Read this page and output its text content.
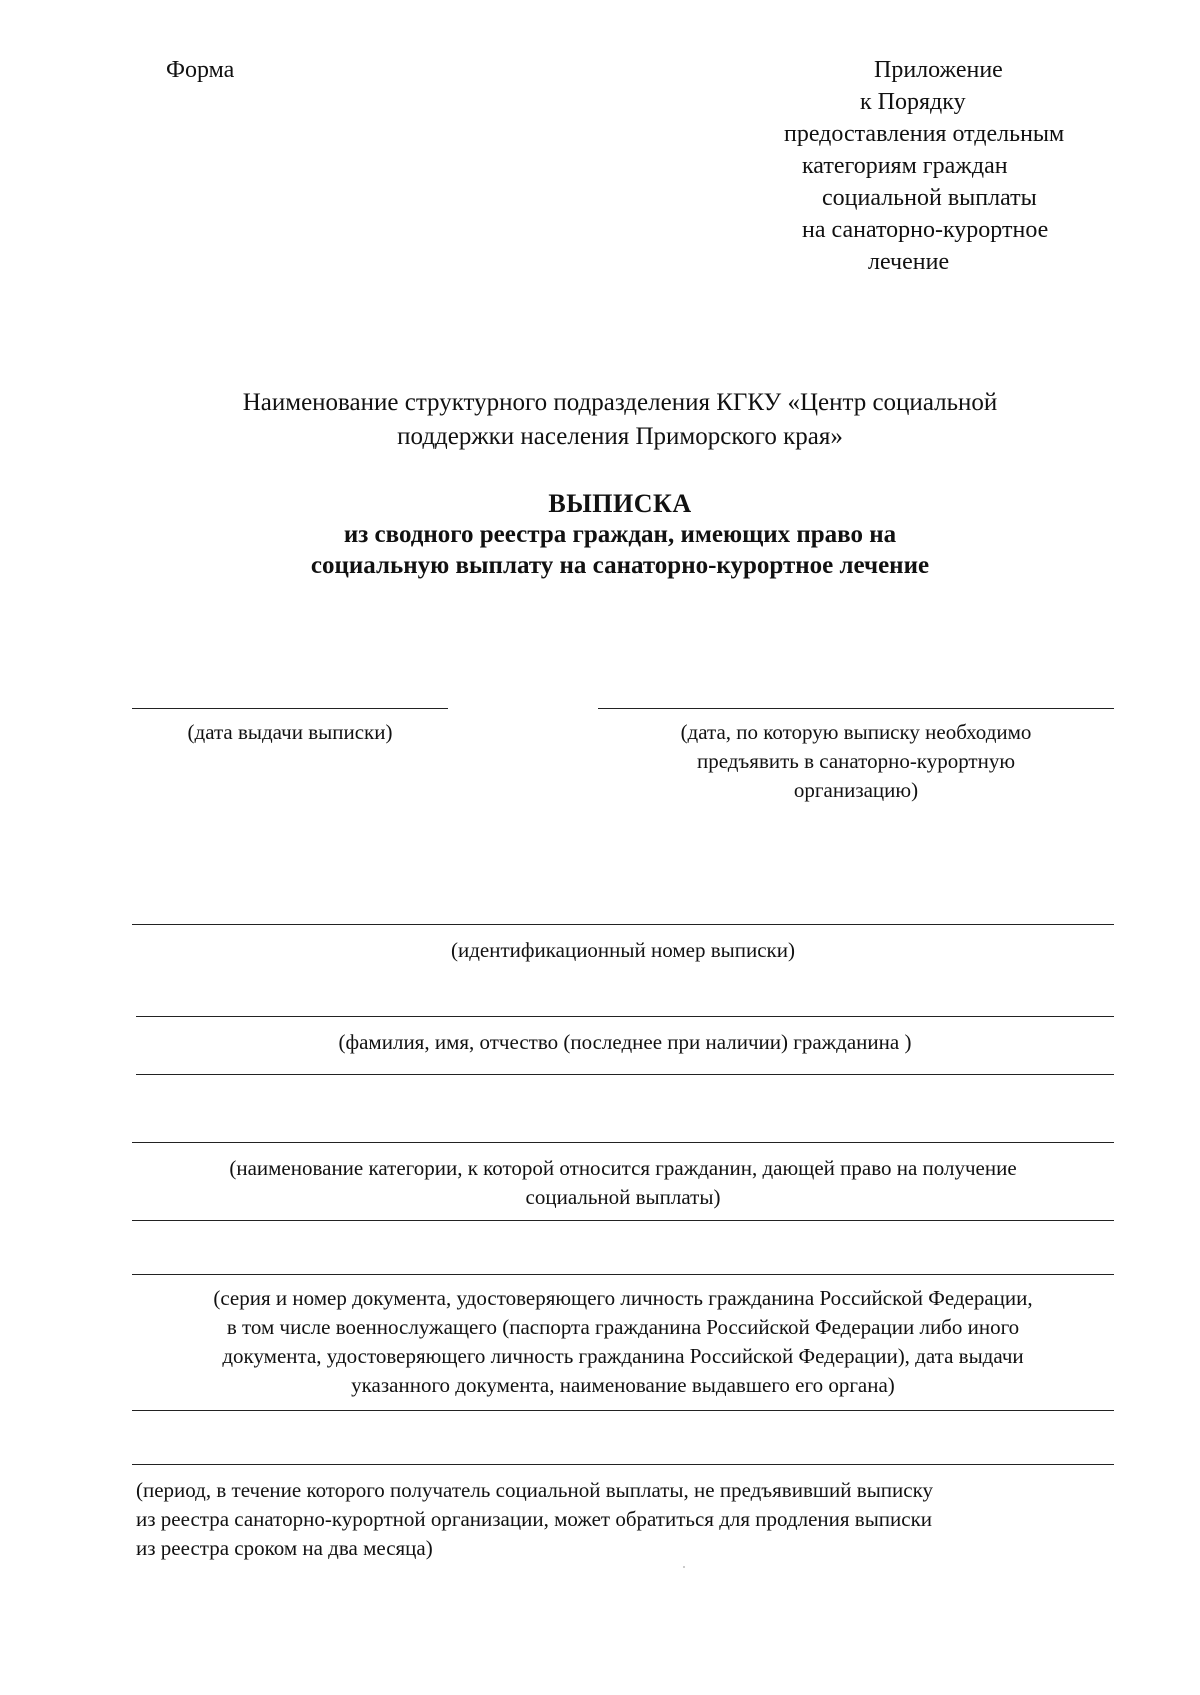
Форма	Приложение
к Порядку
предоставления отдельным
категориям граждан
социальной выплаты
на санаторно-курортное
лечение
Наименование структурного подразделения КГКУ «Центр социальной
поддержки населения Приморского края»
ВЫПИСКА
из сводного реестра граждан, имеющих право на
социальную выплату на санаторно-курортное лечение
(дата выдачи выписки)	(дата, по которую выписку необходимо
предъявить в санаторно-курортную
организацию)
(идентификационный номер выписки)
(фамилия, имя, отчество (последнее при наличии) гражданина )
(наименование категории, к которой относится гражданин, дающей право на получение
социальной выплаты)
(серия и номер документа, удостоверяющего личность гражданина Российской Федерации,
в том числе военнослужащего (паспорта гражданина Российской Федерации либо иного
документа, удостоверяющего личность гражданина Российской Федерации), дата выдачи
указанного документа, наименование выдавшего его органа)
(период, в течение которого получатель социальной выплаты, не предъявивший выписку
из реестра санаторно-курортной организации, может обратиться для продления выписки
из реестра сроком на два месяца)
